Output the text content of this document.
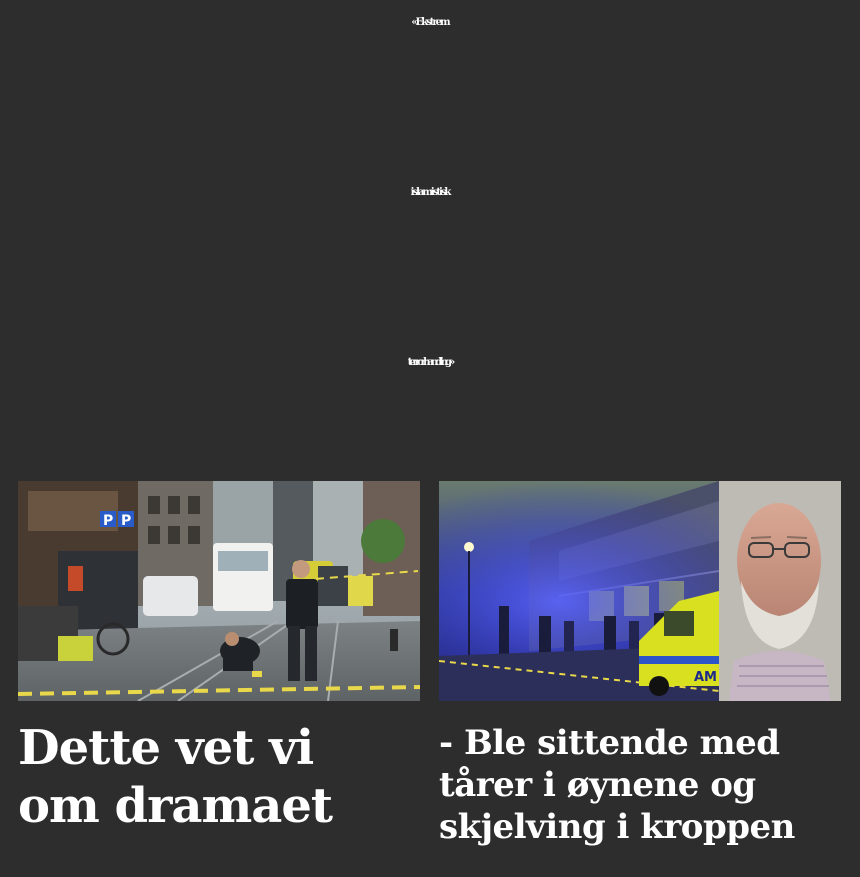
«Ekstrem
islamistisk
terrorhandling»
P P
AM
Dette vet vi
om dramaet
- Ble sittende med
tårer i øynene og
skjelving i kroppen
